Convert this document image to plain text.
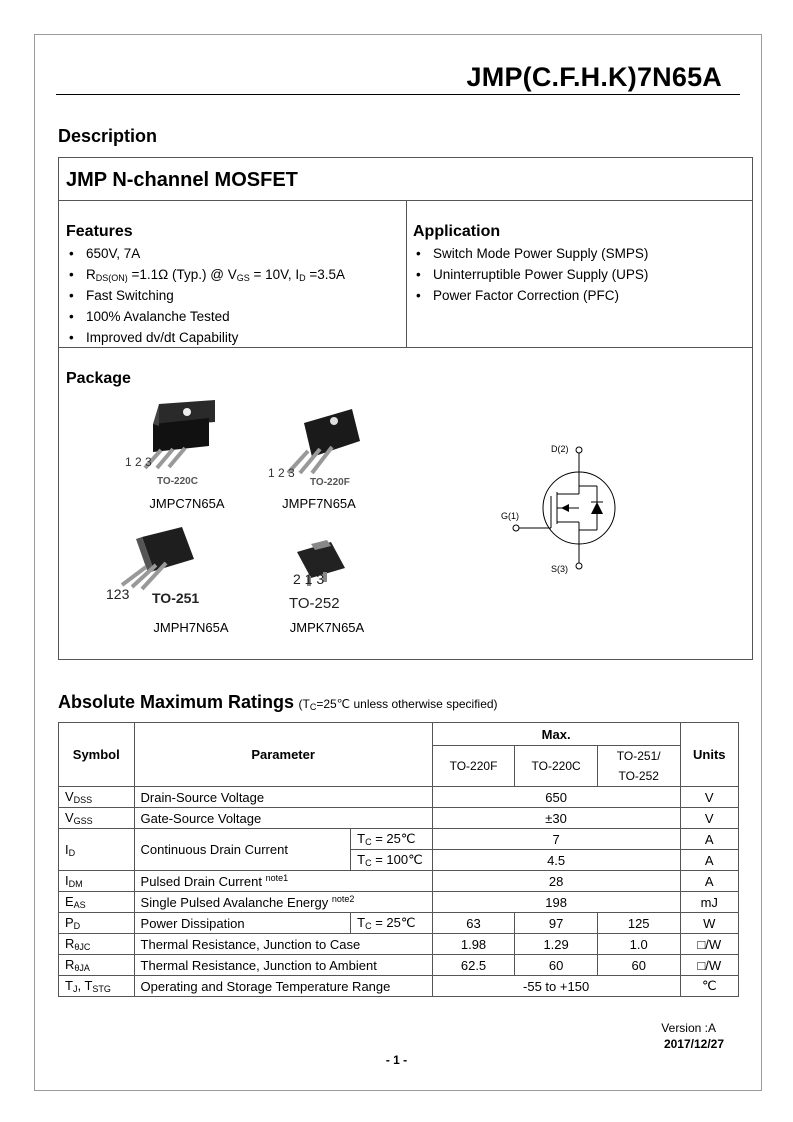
JMP(C.F.H.K)7N65A
Description
JMP N-channel MOSFET
Features
• 650V, 7A
• $R_{DS(ON)} =1.1\Omega$ (Typ.) @ $V_{GS} = 10V$, $I_D =3.5A$
• Fast Switching
• 100% Avalanche Tested
• Improved dv/dt Capability
Application
• Switch Mode Power Supply (SMPS)
• Uninterruptible Power Supply (UPS)
• Power Factor Correction (PFC)
Package
1 2 3
TO-220C
JMPC7N65A
1 2 3
TO-220F
JMPF7N65A
123 TO-251
JMPH7N65A
2 1 3
TO-252
JMPK7N65A
D(2)
G(1)
S(3)
Absolute Maximum Ratings ($T_C=25℃$ unless otherwise specified)
Symbol	Parameter		Max.			Units
			TO-220F	TO-220C	TO-251/
TO-252	
$V_{DSS}$	Drain-Source Voltage		650			V
$V_{GSS}$	Gate-Source Voltage		±30			V
$I_D$	Continuous Drain Current	$T_C$ = 25℃	7			A
		$T_C$ = 100℃	4.5			A
$I_{DM}$	Pulsed Drain Current $^{note1}$		28			A
$E_{AS}$	Single Pulsed Avalanche Energy $^{note2}$		198			mJ
$P_D$	Power Dissipation	$T_C$ = 25℃	63	97	125	W
$R_{\theta JC}$	Thermal Resistance, Junction to Case		1.98	1.29	1.0	□/W
$R_{\theta JA}$	Thermal Resistance, Junction to Ambient		62.5	60	60	□/W
$T_J$, $T_{STG}$	Operating and Storage Temperature Range		-55 to +150			℃
Version :A
2017/12/27
- 1 -
